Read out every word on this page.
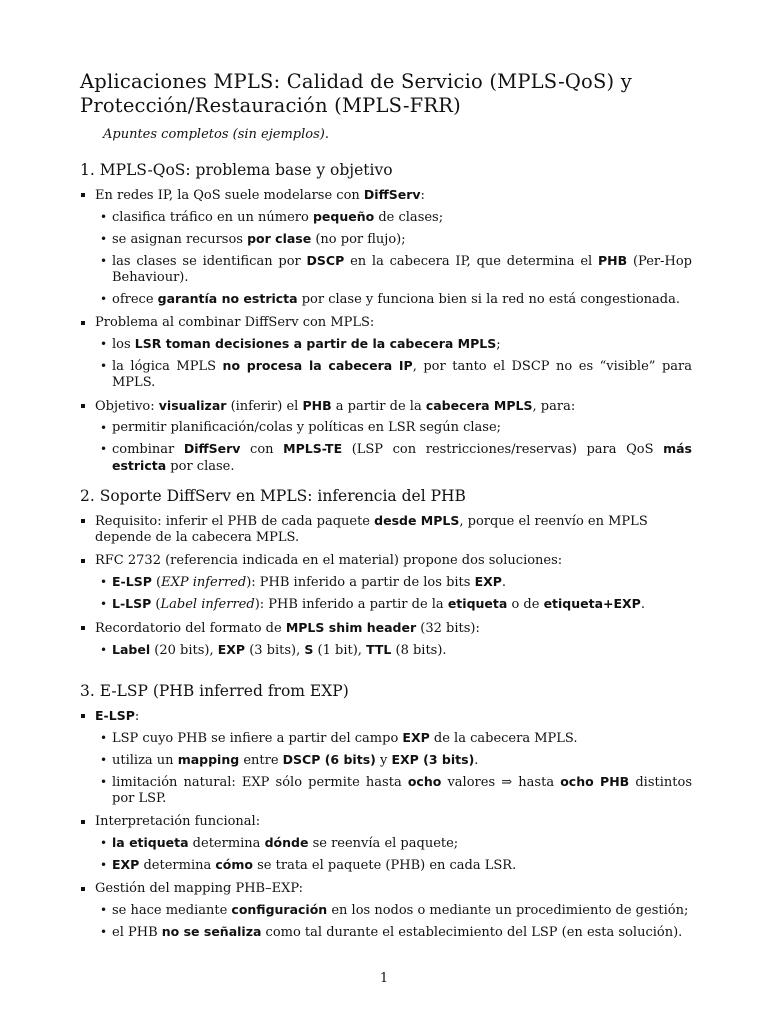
Aplicaciones MPLS: Calidad de Servicio (MPLS-QoS) y Protección/Restauración (MPLS-FRR)

Apuntes completos (sin ejemplos).

1. MPLS-QoS: problema base y objetivo
En redes IP, la QoS suele modelarse con DiffServ:
• clasifica tráfico en un número pequeño de clases;
• se asignan recursos por clase (no por flujo);
• las clases se identifican por DSCP en la cabecera IP, que determina el PHB (Per-Hop Behaviour).
• ofrece garantía no estricta por clase y funciona bien si la red no está congestionada.
Problema al combinar DiffServ con MPLS:
• los LSR toman decisiones a partir de la cabecera MPLS;
• la lógica MPLS no procesa la cabecera IP, por tanto el DSCP no es “visible” para MPLS.
Objetivo: visualizar (inferir) el PHB a partir de la cabecera MPLS, para:
• permitir planificación/colas y políticas en LSR según clase;
• combinar DiffServ con MPLS-TE (LSP con restricciones/reservas) para QoS más estricta por clase.
2. Soporte DiffServ en MPLS: inferencia del PHB
Requisito: inferir el PHB de cada paquete desde MPLS, porque el reenvío en MPLS depende de la cabecera MPLS.
RFC 2732 (referencia indicada en el material) propone dos soluciones:
• E-LSP (EXP inferred): PHB inferido a partir de los bits EXP.
• L-LSP (Label inferred): PHB inferido a partir de la etiqueta o de etiqueta+EXP.
Recordatorio del formato de MPLS shim header (32 bits):
• Label (20 bits), EXP (3 bits), S (1 bit), TTL (8 bits).
3. E-LSP (PHB inferred from EXP)
E-LSP:
• LSP cuyo PHB se infiere a partir del campo EXP de la cabecera MPLS.
• utiliza un mapping entre DSCP (6 bits) y EXP (3 bits).
• limitación natural: EXP sólo permite hasta ocho valores ⇒ hasta ocho PHB distintos por LSP.
Interpretación funcional:
• la etiqueta determina dónde se reenvía el paquete;
• EXP determina cómo se trata el paquete (PHB) en cada LSR.
Gestión del mapping PHB–EXP:
• se hace mediante configuración en los nodos o mediante un procedimiento de gestión;
• el PHB no se señaliza como tal durante el establecimiento del LSP (en esta solución).
1
